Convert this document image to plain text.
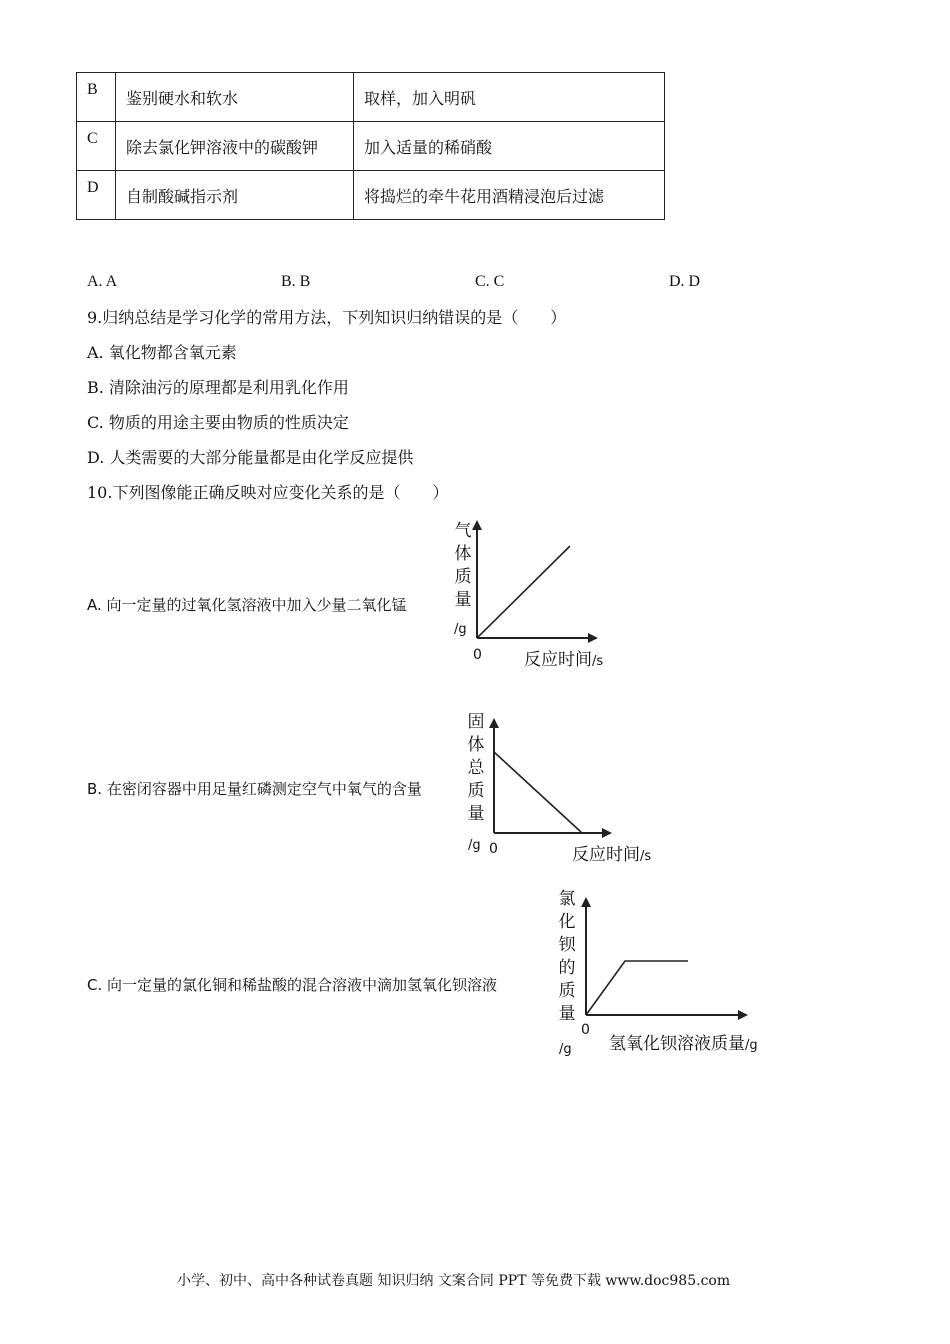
B	鉴别硬水和软水	取样，加入明矾
C	除去氯化钾溶液中的碳酸钾	加入适量的稀硝酸
D	自制酸碱指示剂	将捣烂的牵牛花用酒精浸泡后过滤
A. A	B. B	C. C	D. D
9.归纳总结是学习化学的常用方法，下列知识归纳错误的是（　　）
A. 氧化物都含氧元素
B. 清除油污的原理都是利用乳化作用
C. 物质的用途主要由物质的性质决定
D. 人类需要的大部分能量都是由化学反应提供
10.下列图像能正确反映对应变化关系的是（　　）
A. 向一定量的过氧化氢溶液中加入少量二氧化锰
气
体
质
量
/g
0 反应时间/s
B. 在密闭容器中用足量红磷测定空气中氧气的含量
固
体
总
质
量
/g 0	反应时间/s
C. 向一定量的氯化铜和稀盐酸的混合溶液中滴加氢氧化钡溶液
氯
化
钡
的
质
量
/g
0
氢氧化钡溶液质量/g
小学、初中、高中各种试卷真题 知识归纳 文案合同 PPT 等免费下载 www.doc985.com
